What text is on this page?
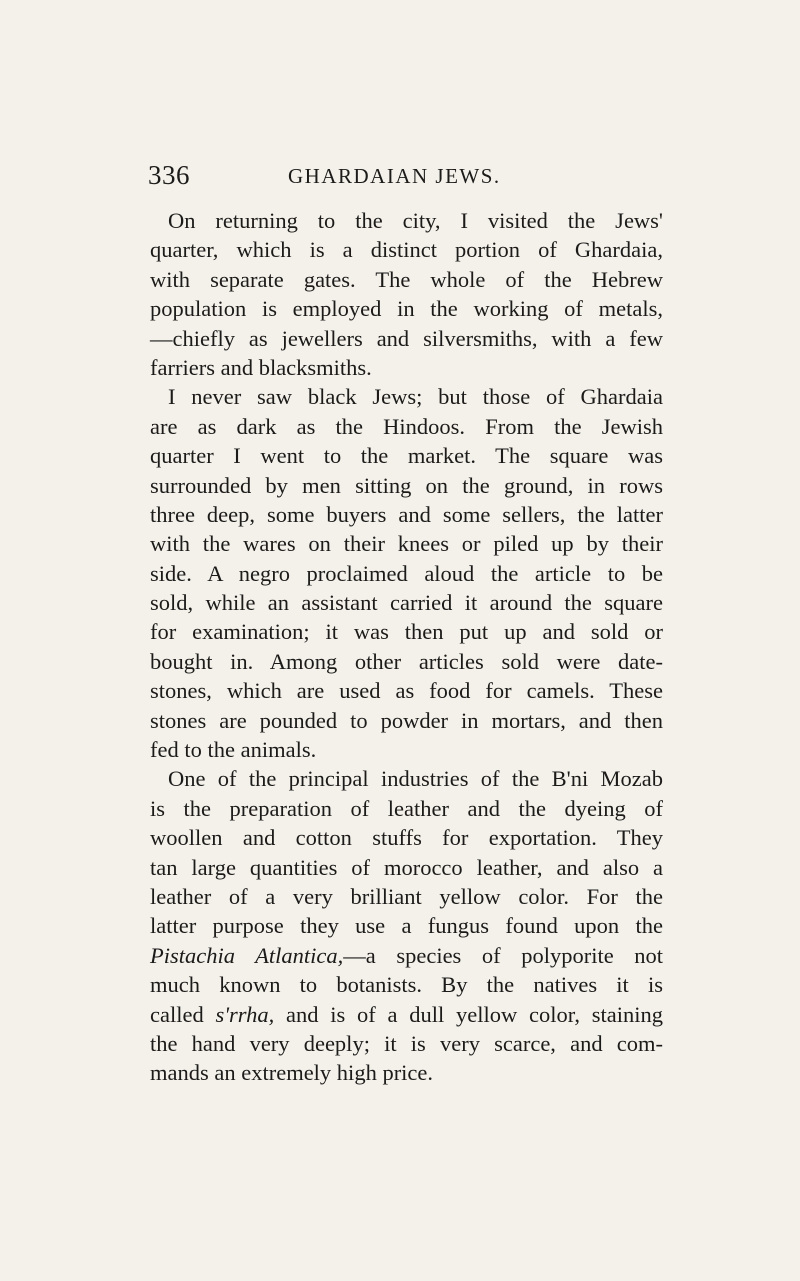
336	GHARDAIAN JEWS.
On returning to the city, I visited the Jews'
quarter, which is a distinct portion of Ghardaia,
with separate gates. The whole of the Hebrew
population is employed in the working of metals,
—chiefly as jewellers and silversmiths, with a few
farriers and blacksmiths.
I never saw black Jews; but those of Ghardaia
are as dark as the Hindoos. From the Jewish
quarter I went to the market. The square was
surrounded by men sitting on the ground, in rows
three deep, some buyers and some sellers, the latter
with the wares on their knees or piled up by their
side. A negro proclaimed aloud the article to be
sold, while an assistant carried it around the square
for examination; it was then put up and sold or
bought in. Among other articles sold were date-
stones, which are used as food for camels. These
stones are pounded to powder in mortars, and then
fed to the animals.
One of the principal industries of the B'ni Mozab
is the preparation of leather and the dyeing of
woollen and cotton stuffs for exportation. They
tan large quantities of morocco leather, and also a
leather of a very brilliant yellow color. For the
latter purpose they use a fungus found upon the
Pistachia Atlantica,—a species of polyporite not
much known to botanists. By the natives it is
called s'rrha, and is of a dull yellow color, staining
the hand very deeply; it is very scarce, and com-
mands an extremely high price.
